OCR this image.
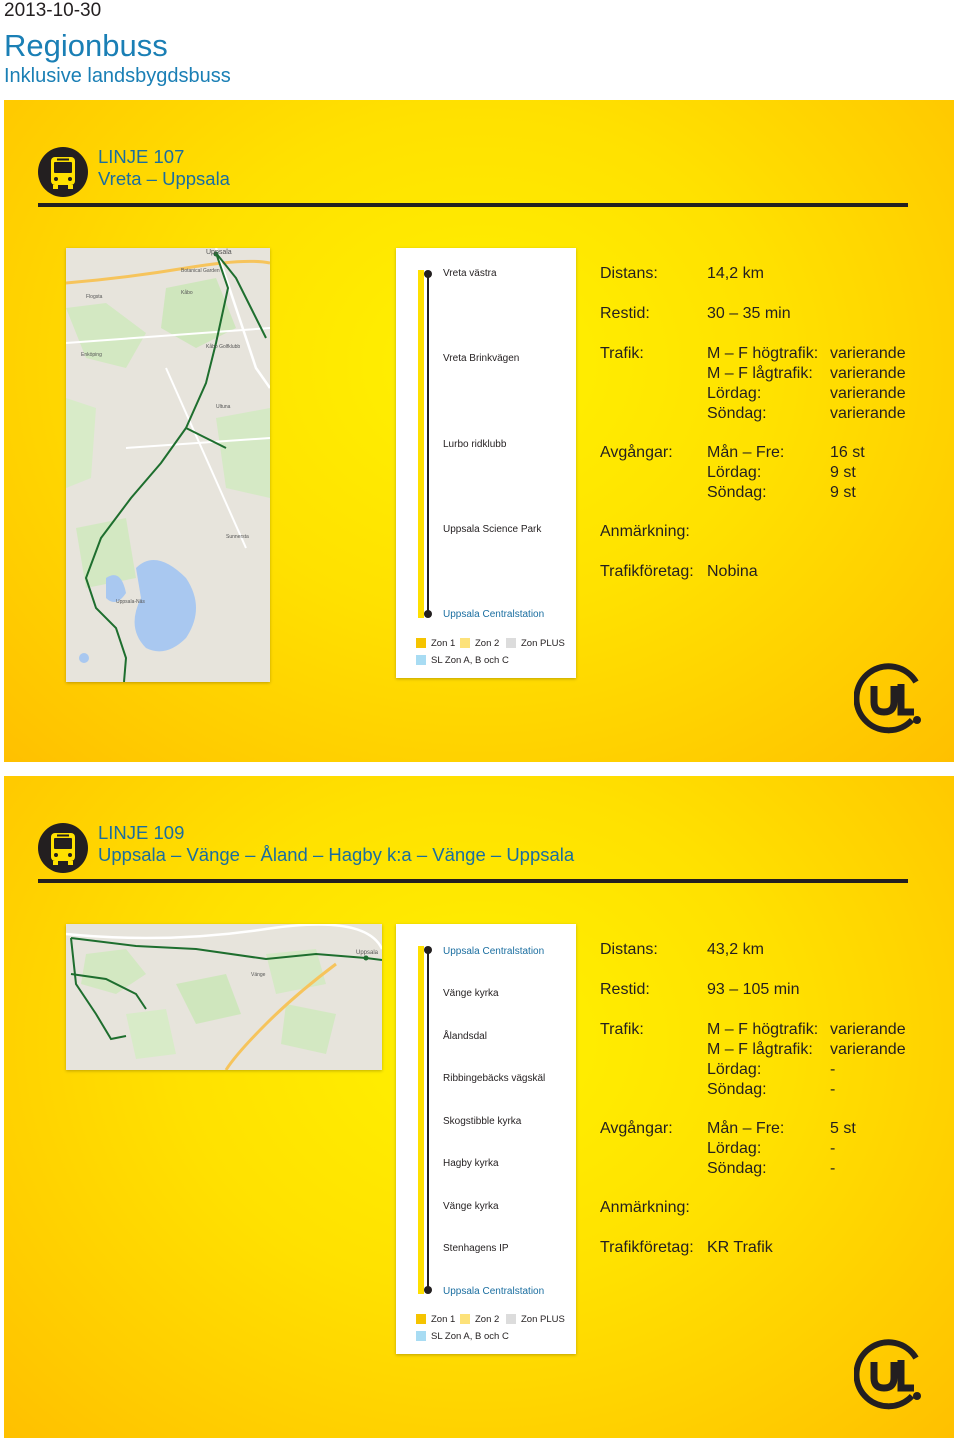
2013-10-30
Regionbuss
Inklusive landsbygdsbuss
LINJE 107
Vreta – Uppsala
Uppsala
Botanical Garden
Flogsta
Kåbo
Enköping
Kåbo Golfklubb
Ultuna
Uppsala-Näs
Sunnersta
Vreta västra
Vreta Brinkvägen
Lurbo ridklubb
Uppsala Science Park
Uppsala Centralstation
Zon 1 Zon 2 Zon PLUS
SL Zon A, B och C
Distans:	14,2 km
Restid:	30 – 35 min
Trafik:	M – F högtrafik: varierande
M – F lågtrafik: varierande
Lördag:	varierande
Söndag:	varierande
Avgångar: Mån – Fre:	16 st
Lördag:	9 st
Söndag:	9 st
Anmärkning:
Trafikföretag: Nobina
LINJE 109
Uppsala – Vänge – Åland – Hagby k:a – Vänge – Uppsala
Uppsala
Vänge
Uppsala Centralstation
Vänge kyrka
Ålandsdal
Ribbingebäcks vägskäl
Skogstibble kyrka
Hagby kyrka
Vänge kyrka
Stenhagens IP
Uppsala Centralstation
Zon 1 Zon 2 Zon PLUS
SL Zon A, B och C
Distans:	43,2 km
Restid:	93 – 105 min
Trafik:	M – F högtrafik: varierande
M – F lågtrafik: varierande
Lördag:	-
Söndag:	-
Avgångar: Mån – Fre:	5 st
Lördag:	-
Söndag:	-
Anmärkning:
Trafikföretag: KR Trafik
